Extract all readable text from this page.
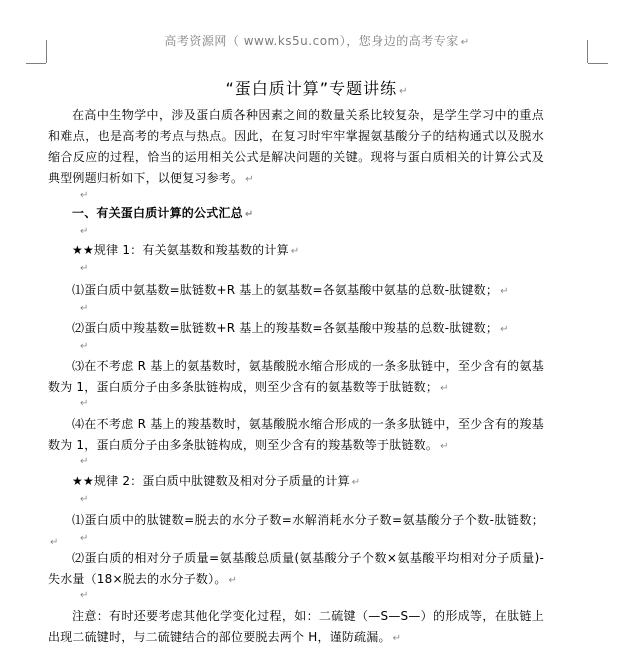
高考资源网（ www.ks5u.com），您身边的高考专家 ↵
“蛋白质计算”专题讲练 ↵
在高中生物学中，涉及蛋白质各种因素之间的数量关系比较复杂，是学生学习中的重点和难点，也是高考的考点与热点。因此，在复习时牢牢掌握氨基酸分子的结构通式以及脱水缩合反应的过程，恰当的运用相关公式是解决问题的关键。现将与蛋白质相关的计算公式及典型例题归析如下，以便复习参考。 ↵
↵
一、有关蛋白质计算的公式汇总 ↵
↵
★★规律 1：有关氨基数和羧基数的计算 ↵
↵
⑴蛋白质中氨基数=肽链数+R 基上的氨基数=各氨基酸中氨基的总数-肽键数； ↵
↵
⑵蛋白质中羧基数=肽链数+R 基上的羧基数=各氨基酸中羧基的总数-肽键数； ↵
↵
⑶在不考虑 R 基上的氨基数时，氨基酸脱水缩合形成的一条多肽链中，至少含有的氨基数为 1，蛋白质分子由多条肽链构成，则至少含有的氨基数等于肽链数； ↵
↵
⑷在不考虑 R 基上的羧基数时，氨基酸脱水缩合形成的一条多肽链中，至少含有的羧基数为 1，蛋白质分子由多条肽链构成，则至少含有的羧基数等于肽链数。 ↵
↵
★★规律 2：蛋白质中肽键数及相对分子质量的计算 ↵
↵
⑴蛋白质中的肽键数=脱去的水分子数=水解消耗水分子数=氨基酸分子个数-肽链数；↵	↵
⑵蛋白质的相对分子质量=氨基酸总质量(氨基酸分子个数×氨基酸平均相对分子质量)-失水量（18×脱去的水分子数）。 ↵
↵
注意：有时还要考虑其他化学变化过程，如：二硫键（—S—S—）的形成等，在肽链上出现二硫键时，与二硫键结合的部位要脱去两个 H，谨防疏漏。 ↵
